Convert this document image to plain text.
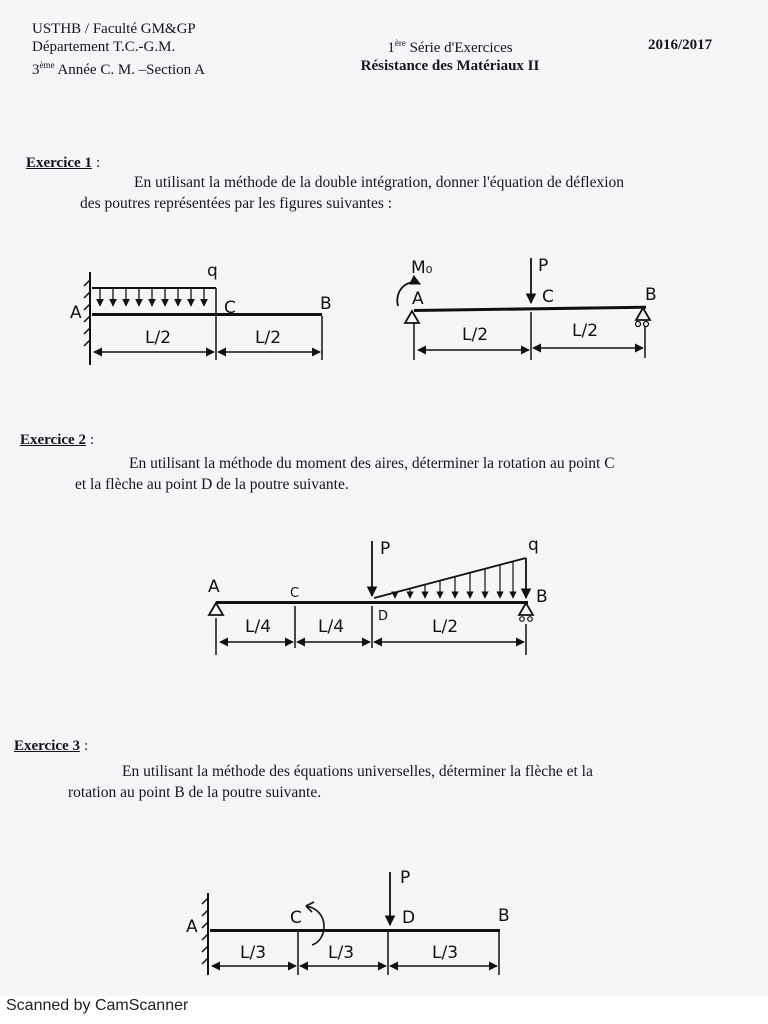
USTHB / Faculté GM&GP
Département T.C.-G.M.
3ème Année C. M. –Section A
1ère Série d'Exercices
Résistance des Matériaux II
2016/2017
Exercice 1 :
En utilisant la méthode de la double intégration, donner l'équation de déflexion
des poutres représentées par les figures suivantes :
Exercice 2 :
En utilisant la méthode du moment des aires, déterminer la rotation au point C
et la flèche au point D de la poutre suivante.
Exercice 3 :
En utilisant la méthode des équations universelles, déterminer la flèche et la
rotation au point B de la poutre suivante.
q
A	C	B
L/2	L/2
M₀	P
A	C	B
L/2	L/2
P	q
A	C
D
B
L/4	L/4	L/2
P
A	C	D	B
L/3	L/3	L/3
Scanned by CamScanner
